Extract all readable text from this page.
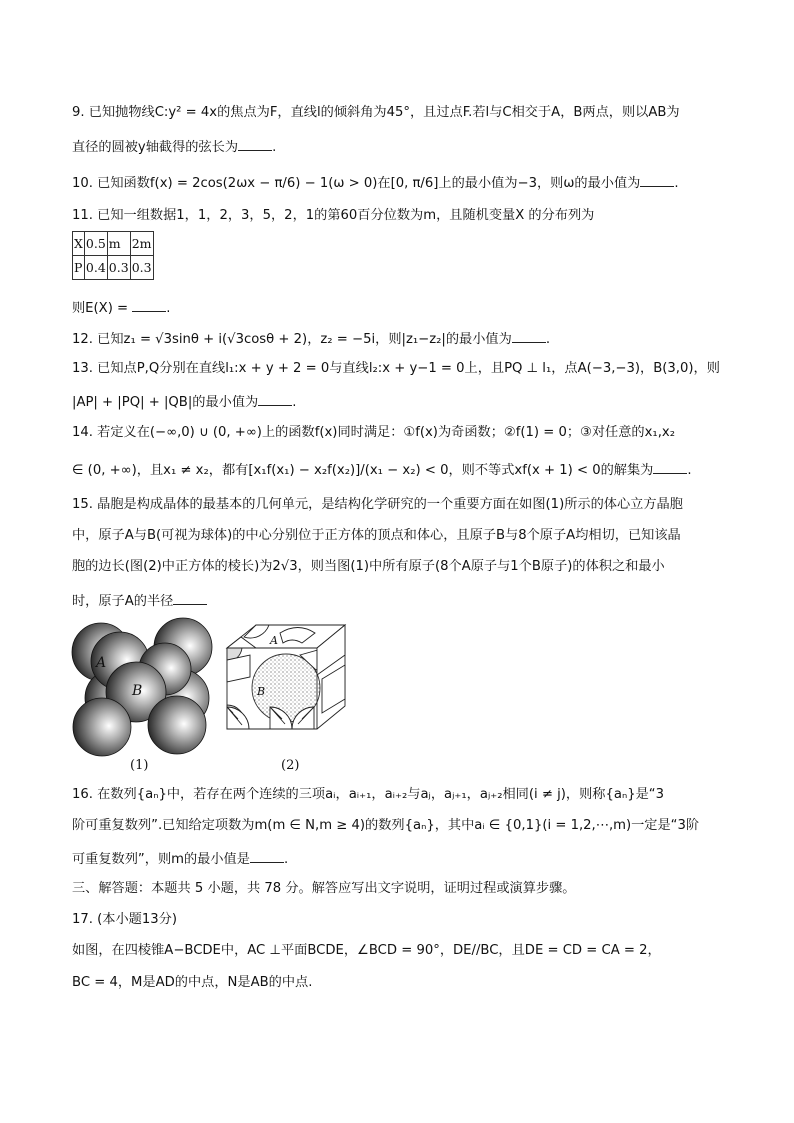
9. 已知抛物线C:y² = 4x的焦点为F，直线l的倾斜角为45°，且过点F.若l与C相交于A，B两点，则以AB为
直径的圆被y轴截得的弦长为	.
10. 已知函数f(x) = 2cos(2ωx − π/6) − 1(ω > 0)在[0, π/6]上的最小值为−3，则ω的最小值为	.
11. 已知一组数据1，1，2，3，5，2，1的第60百分位数为m，且随机变量X 的分布列为
X	0.5	m	2m
P	0.4	0.3	0.3
则E(X) =	.
12. 已知z₁ = √3sinθ + i(√3cosθ + 2)，z₂ = −5i，则|z₁−z₂|的最小值为	.
13. 已知点P,Q分别在直线l₁:x + y + 2 = 0与直线l₂:x + y−1 = 0上，且PQ ⊥ l₁，点A(−3,−3)，B(3,0)，则
|AP| + |PQ| + |QB|的最小值为	.
14. 若定义在(−∞,0) ∪ (0, +∞)上的函数f(x)同时满足：①f(x)为奇函数；②f(1) = 0；③对任意的x₁,x₂
∈ (0, +∞)，且x₁ ≠ x₂，都有[x₁f(x₁) − x₂f(x₂)]/(x₁ − x₂) < 0，则不等式xf(x + 1) < 0的解集为	.
15. 晶胞是构成晶体的最基本的几何单元，是结构化学研究的一个重要方面在如图(1)所示的体心立方晶胞
中，原子A与B(可视为球体)的中心分别位于正方体的顶点和体心，且原子B与8个原子A均相切，已知该晶
胞的边长(图(2)中正方体的棱长)为2√3，则当图(1)中所有原子(8个A原子与1个B原子)的体积之和最小
时，原子A的半径
A
B
(1)
A
B
(2)
16. 在数列{aₙ}中，若存在两个连续的三项aᵢ，aᵢ₊₁，aᵢ₊₂与aⱼ，aⱼ₊₁，aⱼ₊₂相同(i ≠ j)，则称{aₙ}是“3
阶可重复数列”.已知给定项数为m(m ∈ N,m ≥ 4)的数列{aₙ}，其中aᵢ ∈ {0,1}(i = 1,2,⋯,m)一定是“3阶
可重复数列”，则m的最小值是	.
三、解答题：本题共 5 小题，共 78 分。解答应写出文字说明，证明过程或演算步骤。
17. (本小题13分)
如图，在四棱锥A−BCDE中，AC ⊥平面BCDE，∠BCD = 90°，DE//BC，且DE = CD = CA = 2，
BC = 4，M是AD的中点，N是AB的中点.
